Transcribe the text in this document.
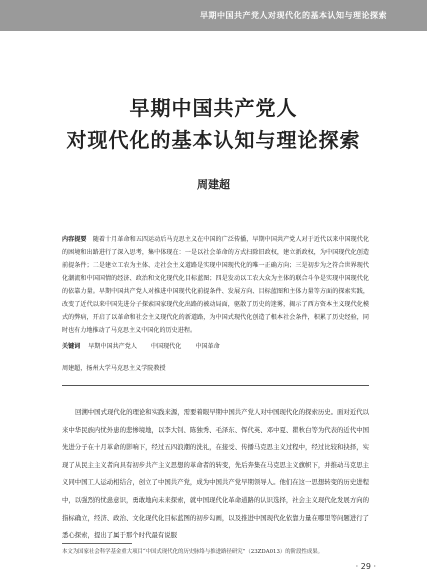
早期中国共产党人对现代化的基本认知与理论探索
早期中国共产党人
对现代化的基本认知与理论探索
周建超
内容提要　 随着十月革命和五四运动后马克思主义在中国的广泛传播，早期中国共产党人对于近代以来中国现代化的困境和出路进行了深入思考，集中体现在：一是以社会革命的方式扫除旧政权，建立新政权，为中国现代化创造前提条件；二是建立工农为主体、走社会主义道路是实现中国现代化的唯一正确方向；三是初步为之符合世界现代化潮流和中国国情的经济、政治和文化现代化目标蓝图；四是发动以工农大众为主体的联合斗争是实现中国现代化的依靠力量。早期中国共产党人对推进中国现代化前提条件、发展方向、目标蓝图和主体力量等方面的探索实践，改变了近代以来中国先进分子探索国家现代化出路的被动局面，驱散了历史的迷雾，揭示了西方资本主义现代化模式的弊病，开启了以革命和社会主义现代化的新道路，为中国式现代化创造了根本社会条件，积累了历史经验，同时也有力地推动了马克思主义中国化的历史进程。
关键词 早期中国共产党人 中国现代化 中国革命
周建超，扬州大学马克思主义学院教授
回溯中国式现代化的理论和实践来源，需要着眼早期中国共产党人对中国现代化的探索历史。面对近代以来中华民族内忧外患的悲惨境地，以李大钊、陈独秀、毛泽东、恽代英、邓中夏、瞿秋白等为代表的近代中国先进分子在十月革命的影响下，经过五四浪潮的洗礼，在接受、传播马克思主义过程中，经过比较和抉择，实现了从民主主义者向具有初步共产主义思想的革命者的转变，先后奔集在马克思主义旗帜下，并推动马克思主义同中国工人运动相结合，创立了中国共产党，成为中国共产党早期领导人。他们在这一思想转变的历史进程中，以强烈的忧患意识，勇敢地向未来探索，就中国现代化革命道路的认识选择，社会主义现代化发展方向的指标确立，经济、政治、文化现代化目标蓝图的初步勾画，以及推进中国现代化依靠力量在哪里等问题进行了悉心探索，提出了属于那个时代最有说服
本文为国家社会科学基金重大项目“中国式现代化的历史脉络与推进路径研究”（23ZDA013）的阶段性成果。
· 29 ·
